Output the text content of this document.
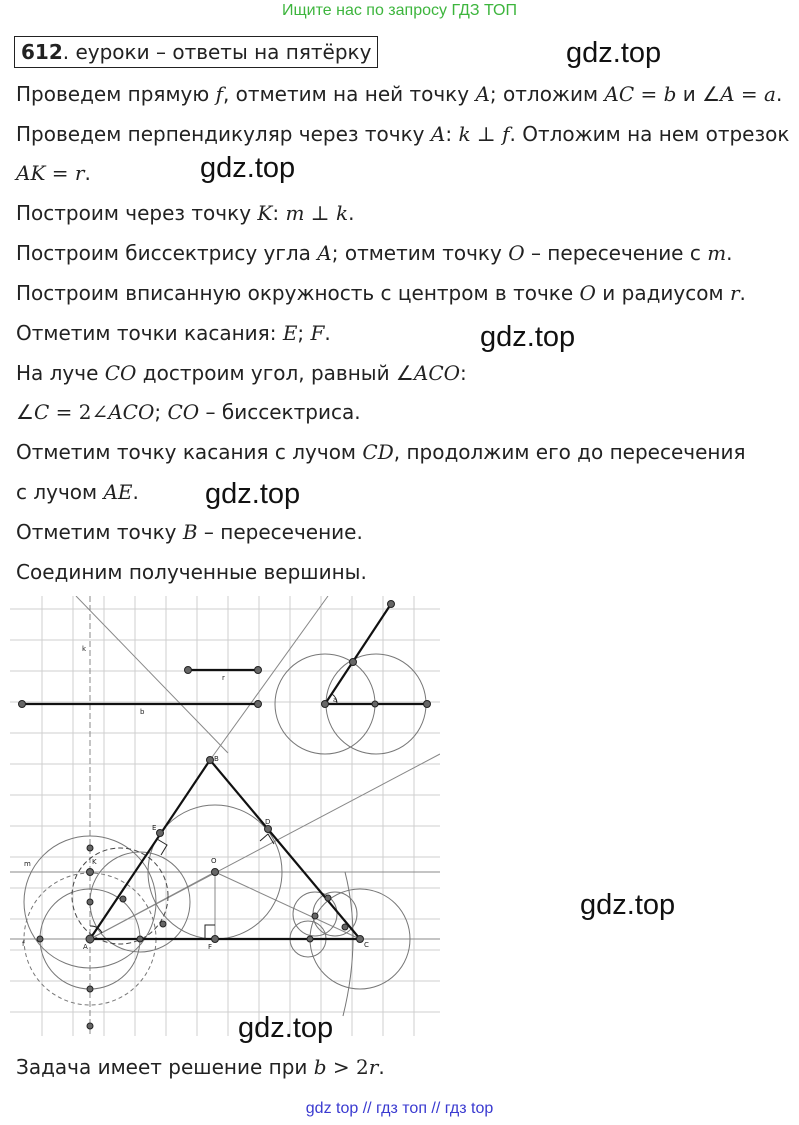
Ищите нас по запросу ГДЗ ТОП
612 . еуроки – ответы на пятёрку	gdz.top
Проведем прямую f, отметим на ней точку A; отложим AC = b и ∠A = a.
Проведем перпендикуляр через точку A: k ⊥ f. Отложим на нем отрезок
AK = r.	gdz.top
Построим через точку K: m ⊥ k.
Построим биссектрису угла A; отметим точку O – пересечение с m.
Построим вписанную окружность с центром в точке O и радиусом r.
Отметим точки касания: E; F.	gdz.top
На луче CO достроим угол, равный ∠ACO:
∠C = 2∠ACO; CO – биссектриса.
Отметим точку касания с лучом CD, продолжим его до пересечения
с лучом AE. gdz.top
Отметим точку B – пересечение.
Соединим полученные вершины.
k
r
b
a
B
E
D
O
m	K
f	A	F	C
gdz.top
gdz.top
Задача имеет решение при b > 2r.
gdz top // гдз топ // гдз top
